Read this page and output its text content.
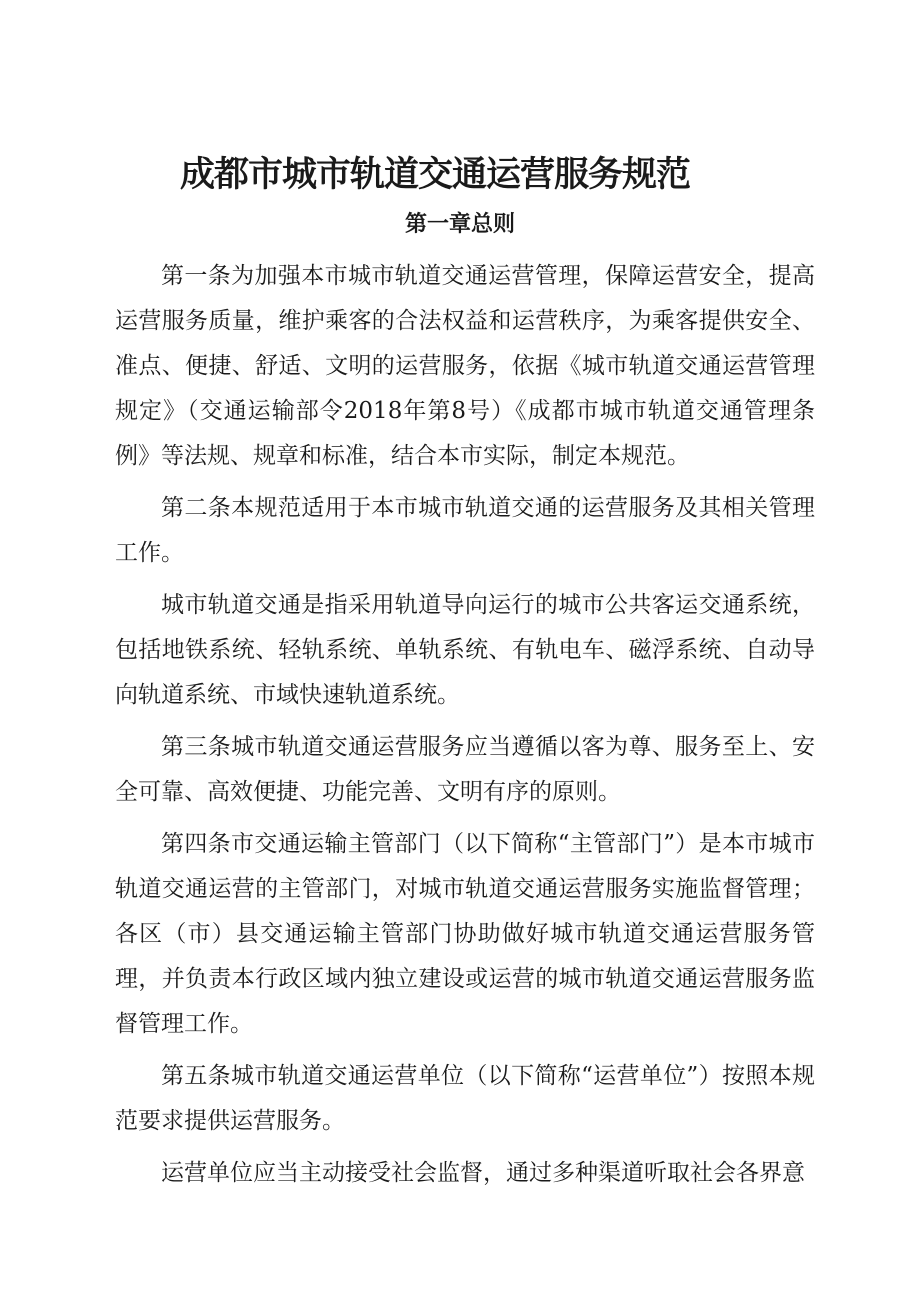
成都市城市轨道交通运营服务规范
第一章总则

第一条为加强本市城市轨道交通运营管理，保障运营安全，提高运营服务质量，维护乘客的合法权益和运营秩序，为乘客提供安全、准点、便捷、舒适、文明的运营服务，依据《城市轨道交通运营管理规定》（交通运输部令2018年第8号）《成都市城市轨道交通管理条例》等法规、规章和标准，结合本市实际，制定本规范。

第二条本规范适用于本市城市轨道交通的运营服务及其相关管理工作。

城市轨道交通是指采用轨道导向运行的城市公共客运交通系统，包括地铁系统、轻轨系统、单轨系统、有轨电车、磁浮系统、自动导向轨道系统、市域快速轨道系统。

第三条城市轨道交通运营服务应当遵循以客为尊、服务至上、安全可靠、高效便捷、功能完善、文明有序的原则。

第四条市交通运输主管部门（以下简称“主管部门”）是本市城市轨道交通运营的主管部门，对城市轨道交通运营服务实施监督管理；各区（市）县交通运输主管部门协助做好城市轨道交通运营服务管理，并负责本行政区域内独立建设或运营的城市轨道交通运营服务监督管理工作。

第五条城市轨道交通运营单位（以下简称“运营单位”）按照本规范要求提供运营服务。

运营单位应当主动接受社会监督，通过多种渠道听取社会各界意
